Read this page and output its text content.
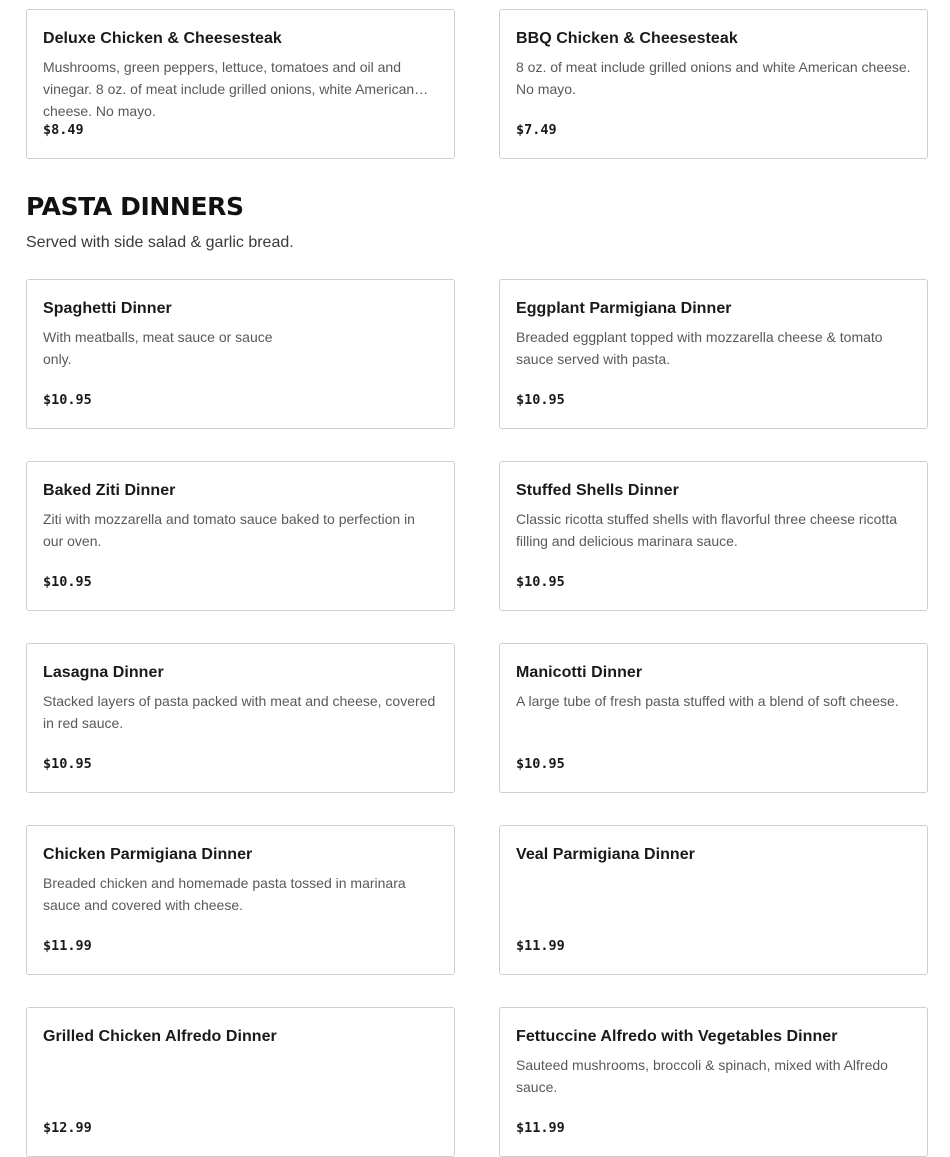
Deluxe Chicken & Cheesesteak
Mushrooms, green peppers, lettuce, tomatoes and oil and vinegar. 8 oz. of meat include grilled onions, white American cheese. No mayo.
$8.49
BBQ Chicken & Cheesesteak
8 oz. of meat include grilled onions and white American cheese. No mayo.
$7.49
PASTA DINNERS
Served with side salad & garlic bread.
Spaghetti Dinner
With meatballs, meat sauce or sauce only.
$10.95
Eggplant Parmigiana Dinner
Breaded eggplant topped with mozzarella cheese & tomato sauce served with pasta.
$10.95
Baked Ziti Dinner
Ziti with mozzarella and tomato sauce baked to perfection in our oven.
$10.95
Stuffed Shells Dinner
Classic ricotta stuffed shells with flavorful three cheese ricotta filling and delicious marinara sauce.
$10.95
Lasagna Dinner
Stacked layers of pasta packed with meat and cheese, covered in red sauce.
$10.95
Manicotti Dinner
A large tube of fresh pasta stuffed with a blend of soft cheese.
$10.95
Chicken Parmigiana Dinner
Breaded chicken and homemade pasta tossed in marinara sauce and covered with cheese.
$11.99
Veal Parmigiana Dinner
$11.99
Grilled Chicken Alfredo Dinner
$12.99
Fettuccine Alfredo with Vegetables Dinner
Sauteed mushrooms, broccoli & spinach, mixed with Alfredo sauce.
$11.99
